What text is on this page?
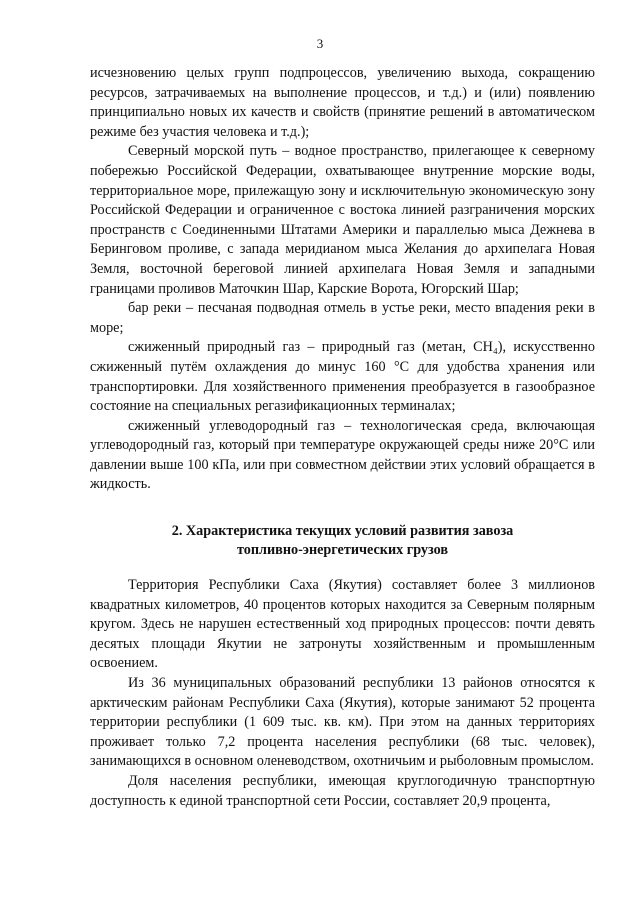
3

исчезновению целых групп подпроцессов, увеличению выхода, сокращению ресурсов, затрачиваемых на выполнение процессов, и т.д.) и (или) появлению принципиально новых их качеств и свойств (принятие решений в автоматическом режиме без участия человека и т.д.);

Северный морской путь – водное пространство, прилегающее к северному побережью Российской Федерации, охватывающее внутренние морские воды, территориальное море, прилежащую зону и исключительную экономическую зону Российской Федерации и ограниченное с востока линией разграничения морских пространств с Соединенными Штатами Америки и параллелью мыса Дежнева в Беринговом проливе, с запада меридианом мыса Желания до архипелага Новая Земля, восточной береговой линией архипелага Новая Земля и западными границами проливов Маточкин Шар, Карские Ворота, Югорский Шар;

бар реки – песчаная подводная отмель в устье реки, место впадения реки в море;

сжиженный природный газ – природный газ (метан, CH₄), искусственно сжиженный путём охлаждения до минус 160 °C для удобства хранения или транспортировки. Для хозяйственного применения преобразуется в газообразное состояние на специальных регазификационных терминалах;

сжиженный углеводородный газ – технологическая среда, включающая углеводородный газ, который при температуре окружающей среды ниже 20°C или давлении выше 100 кПа, или при совместном действии этих условий обращается в жидкость.

2. Характеристика текущих условий развития завоза
топливно-энергетических грузов

Территория Республики Саха (Якутия) составляет более 3 миллионов квадратных километров, 40 процентов которых находится за Северным полярным кругом. Здесь не нарушен естественный ход природных процессов: почти девять десятых площади Якутии не затронуты хозяйственным и промышленным освоением.

Из 36 муниципальных образований республики 13 районов относятся к арктическим районам Республики Саха (Якутия), которые занимают 52 процента территории республики (1 609 тыс. кв. км). При этом на данных территориях проживает только 7,2 процента населения республики (68 тыс. человек), занимающихся в основном оленеводством, охотничьим и рыболовным промыслом.

Доля населения республики, имеющая круглогодичную транспортную доступность к единой транспортной сети России, составляет 20,9 процента,
